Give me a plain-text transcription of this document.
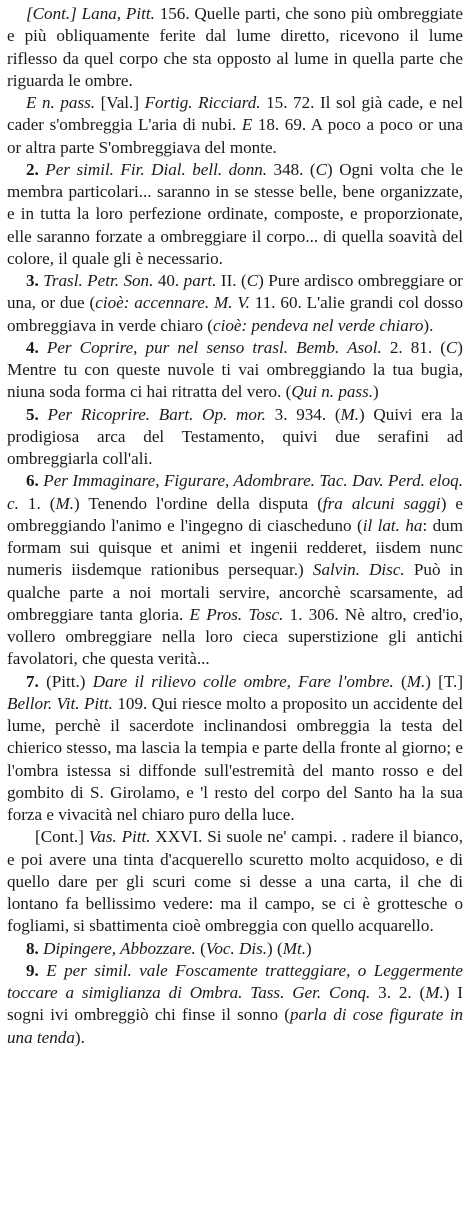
[Cont.] Lana, Pitt. 156. Quelle parti, che sono più ombreggiate e più obliquamente ferite dal lume diretto, ricevono il lume riflesso da quel corpo che sta opposto al lume in quella parte che riguarda le ombre.

E n. pass. [Val.] Fortig. Ricciard. 15. 72. Il sol già cade, e nel cader s'ombreggia L'aria di nubi. E 18. 69. A poco a poco or una or altra parte S'ombreggiava del monte.

2. Per simil. Fir. Dial. bell. donn. 348. (C) Ogni volta che le membra particolari... saranno in se stesse belle, bene organizzate, e in tutta la loro perfezione ordinate, composte, e proporzionate, elle saranno forzate a ombreggiare il corpo... di quella soavità del colore, il quale gli è necessario.

3. Trasl. Petr. Son. 40. part. II. (C) Pure ardisco ombreggiare or una, or due (cioè: accennare. M. V. 11. 60. L'alie grandi col dosso ombreggiava in verde chiaro (cioè: pendeva nel verde chiaro).

4. Per Coprire, pur nel senso trasl. Bemb. Asol. 2. 81. (C) Mentre tu con queste nuvole ti vai ombreggiando la tua bugia, niuna soda forma ci hai ritratta del vero. (Qui n. pass.)

5. Per Ricoprire. Bart. Op. mor. 3. 934. (M.) Quivi era la prodigiosa arca del Testamento, quivi due serafini ad ombreggiarla coll'ali.

6. Per Immaginare, Figurare, Adombrare. Tac. Dav. Perd. eloq. c. 1. (M.) Tenendo l'ordine della disputa (fra alcuni saggi) e ombreggiando l'animo e l'ingegno di ciascheduno (il lat. ha: dum formam sui quisque et animi et ingenii redderet, iisdem nunc numeris iisdemque rationibus persequar.) Salvin. Disc. Può in qualche parte a noi mortali servire, ancorchè scarsamente, ad ombreggiare tanta gloria. E Pros. Tosc. 1. 306. Nè altro, cred'io, vollero ombreggiare nella loro cieca superstizione gli antichi favolatori, che questa verità...

7. (Pitt.) Dare il rilievo colle ombre, Fare l'ombre. (M.) [T.] Bellor. Vit. Pitt. 109. Qui riesce molto a proposito un accidente del lume, perchè il sacerdote inclinandosi ombreggia la testa del chierico stesso, ma lascia la tempia e parte della fronte al giorno; e l'ombra istessa si diffonde sull'estremità del manto rosso e del gombito di S. Girolamo, e 'l resto del corpo del Santo ha la sua forza e vivacità nel chiaro puro della luce.

[Cont.] Vas. Pitt. XXVI. Si suole ne' campi. . radere il bianco, e poi avere una tinta d'acquerello scuretto molto acquidoso, e di quello dare per gli scuri come si desse a una carta, il che di lontano fa bellissimo vedere: ma il campo, se ci è grottesche o fogliami, si sbattimenta cioè ombreggia con quello acquarello.

8. Dipingere, Abbozzare. (Voc. Dis.) (Mt.)

9. E per simil. vale Foscamente tratteggiare, o Leggermente toccare a simiglianza di Ombra. Tass. Ger. Conq. 3. 2. (M.) I sogni ivi ombreggiò chi finse il sonno (parla di cose figurate in una tenda).
